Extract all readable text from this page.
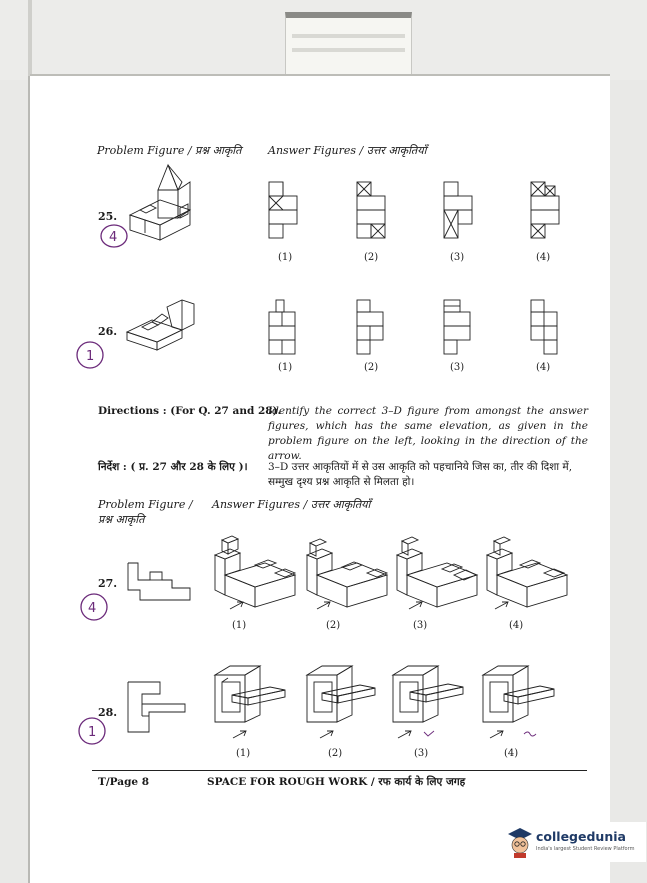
Problem Figure / प्रश्न आकृति Answer Figures / उत्तर आकृतियाँ
25.
4
(1)	(2)	(3)	(4)
26.
1
(1)	(2)	(3)	(4)
Directions : (For Q. 27 and 28).
Identify the correct 3–D figure from amongst the answer figures, which has the same elevation, as given in the problem figure on the left, looking in the direction of the arrow.
निर्देश : ( प्र. 27 और 28 के लिए )। 3–D उत्तर आकृतियों में से उस आकृति को पहचानिये जिस का, तीर की दिशा में, सम्मुख दृश्य प्रश्न आकृति से मिलता हो।
Problem Figure /
प्रश्न आकृति
Answer Figures / उत्तर आकृतियाँ
27.
4
(1)	(2)	(3)	(4)
28.
1
(1)	(2)	(3)	(4)
T/Page 8	SPACE FOR ROUGH WORK / रफ कार्य के लिए जगह
collegedunia
India's largest Student Review Platform
